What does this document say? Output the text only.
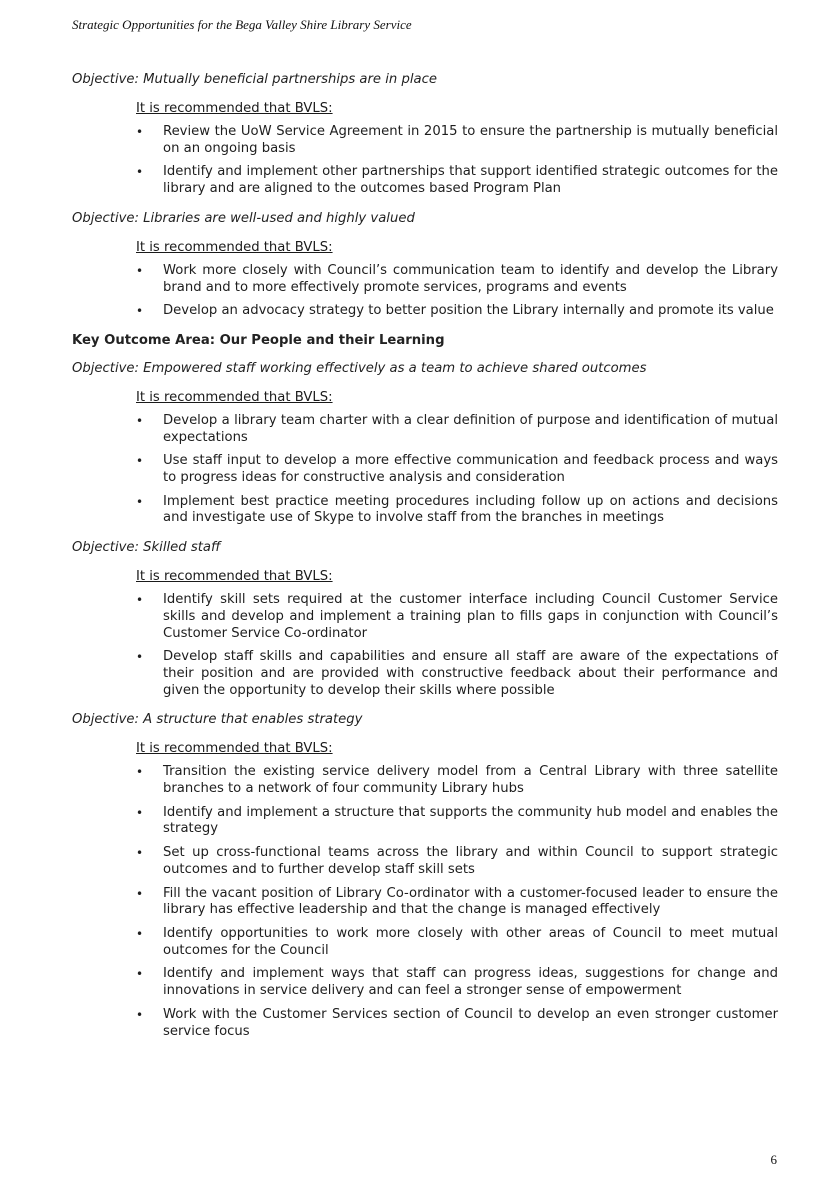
Strategic Opportunities for the Bega Valley Shire Library Service
Objective: Mutually beneficial partnerships are in place
It is recommended that BVLS:
• Review the UoW Service Agreement in 2015 to ensure the partnership is mutually beneficial on an ongoing basis
• Identify and implement other partnerships that support identified strategic outcomes for the library and are aligned to the outcomes based Program Plan
Objective: Libraries are well-used and highly valued
It is recommended that BVLS:
• Work more closely with Council’s communication team to identify and develop the Library brand and to more effectively promote services, programs and events
• Develop an advocacy strategy to better position the Library internally and promote its value
Key Outcome Area: Our People and their Learning
Objective: Empowered staff working effectively as a team to achieve shared outcomes
It is recommended that BVLS:
• Develop a library team charter with a clear definition of purpose and identification of mutual expectations
• Use staff input to develop a more effective communication and feedback process and ways to progress ideas for constructive analysis and consideration
• Implement best practice meeting procedures including follow up on actions and decisions and investigate use of Skype to involve staff from the branches in meetings
Objective: Skilled staff
It is recommended that BVLS:
• Identify skill sets required at the customer interface including Council Customer Service skills and develop and implement a training plan to fills gaps in conjunction with Council’s Customer Service Co-ordinator
• Develop staff skills and capabilities and ensure all staff are aware of the expectations of their position and are provided with constructive feedback about their performance and given the opportunity to develop their skills where possible
Objective: A structure that enables strategy
It is recommended that BVLS:
• Transition the existing service delivery model from a Central Library with three satellite branches to a network of four community Library hubs
• Identify and implement a structure that supports the community hub model and enables the strategy
• Set up cross-functional teams across the library and within Council to support strategic outcomes and to further develop staff skill sets
• Fill the vacant position of Library Co-ordinator with a customer-focused leader to ensure the library has effective leadership and that the change is managed effectively
• Identify opportunities to work more closely with other areas of Council to meet mutual outcomes for the Council
• Identify and implement ways that staff can progress ideas, suggestions for change and innovations in service delivery and can feel a stronger sense of empowerment
• Work with the Customer Services section of Council to develop an even stronger customer service focus
6
